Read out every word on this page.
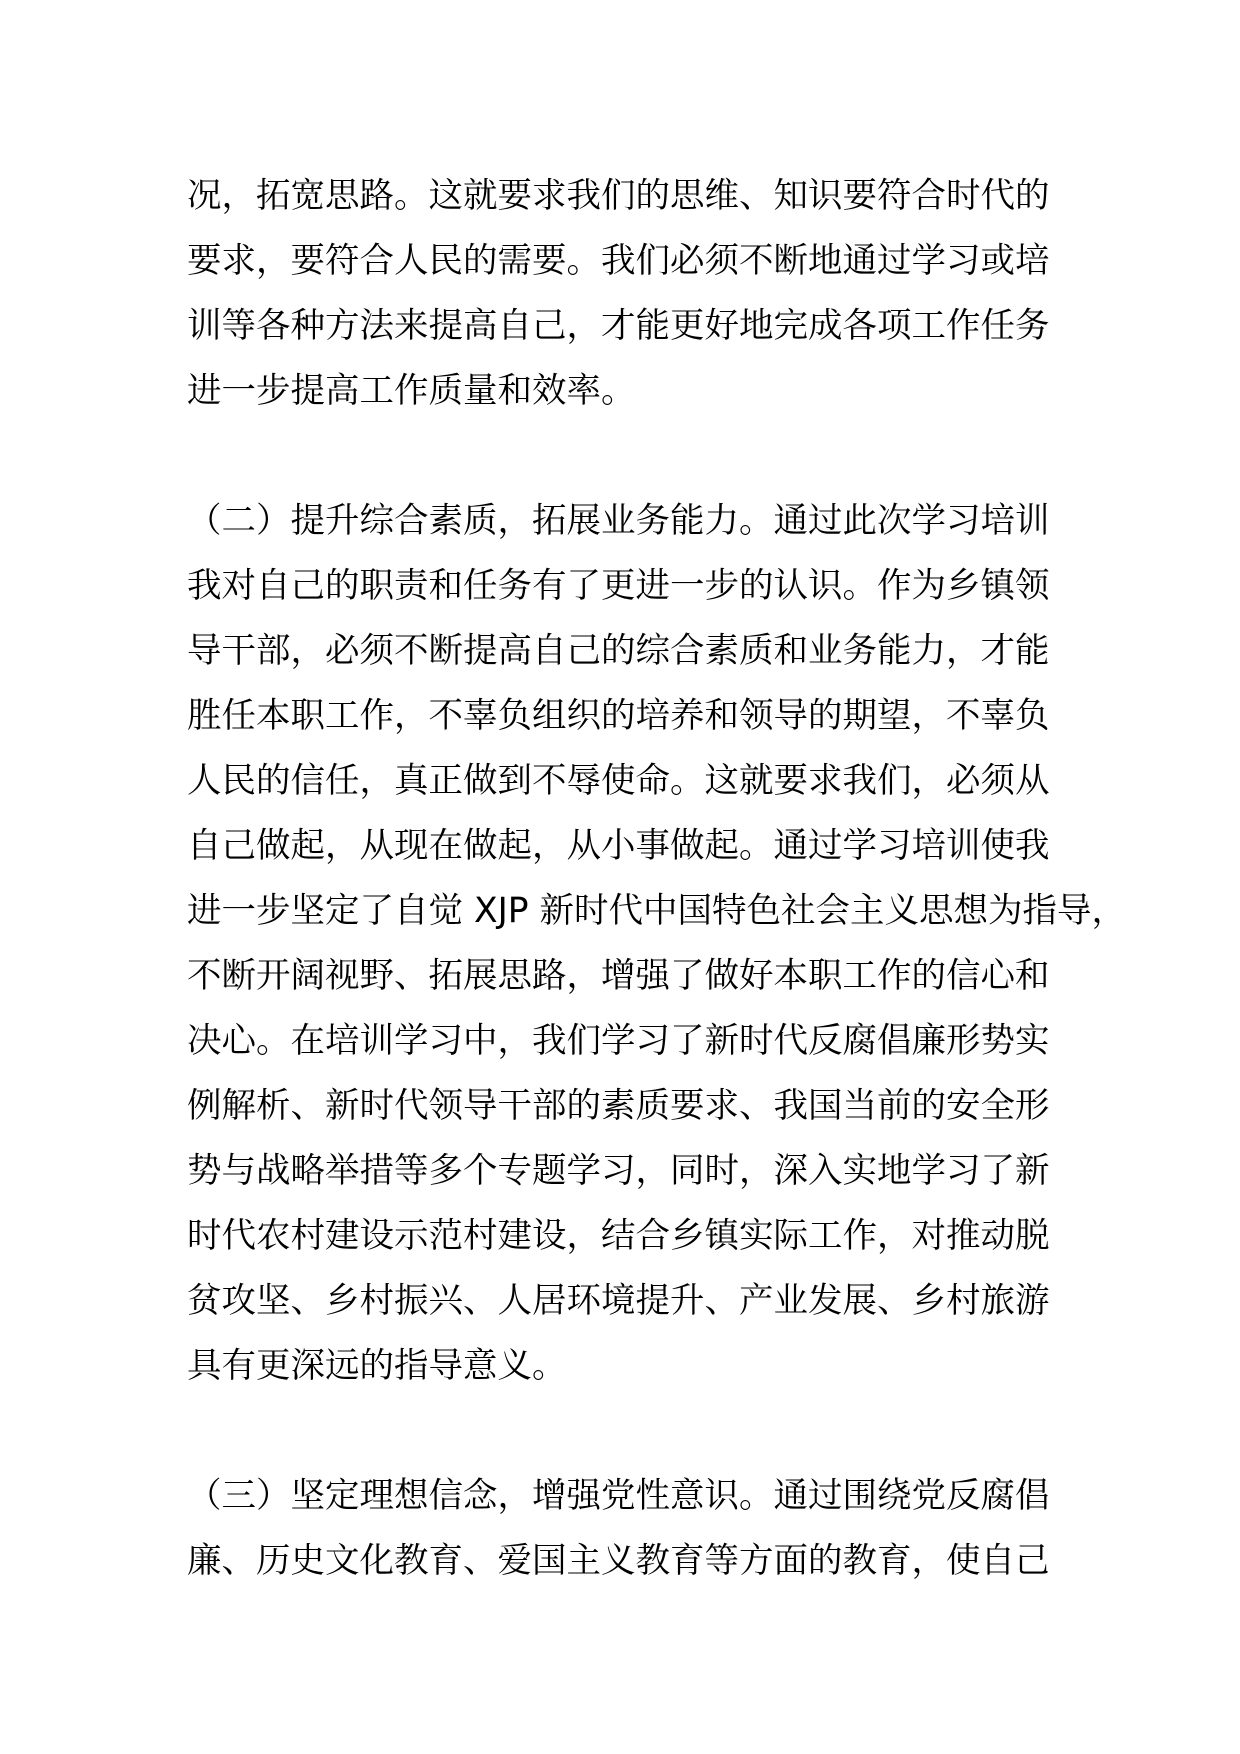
况，拓宽思路。这就要求我们的思维、知识要符合时代的

要求，要符合人民的需要。我们必须不断地通过学习或培

训等各种方法来提高自己，才能更好地完成各项工作任务

进一步提高工作质量和效率。

（二）提升综合素质，拓展业务能力。通过此次学习培训

我对自己的职责和任务有了更进一步的认识。作为乡镇领

导干部，必须不断提高自己的综合素质和业务能力，才能

胜任本职工作，不辜负组织的培养和领导的期望，不辜负

人民的信任，真正做到不辱使命。这就要求我们，必须从

自己做起，从现在做起，从小事做起。通过学习培训使我

进一步坚定了自觉 XJP 新时代中国特色社会主义思想为指导，

不断开阔视野、拓展思路，增强了做好本职工作的信心和

决心。在培训学习中，我们学习了新时代反腐倡廉形势实

例解析、新时代领导干部的素质要求、我国当前的安全形

势与战略举措等多个专题学习，同时，深入实地学习了新

时代农村建设示范村建设，结合乡镇实际工作，对推动脱

贫攻坚、乡村振兴、人居环境提升、产业发展、乡村旅游

具有更深远的指导意义。

（三）坚定理想信念，增强党性意识。通过围绕党反腐倡

廉、历史文化教育、爱国主义教育等方面的教育，使自己
